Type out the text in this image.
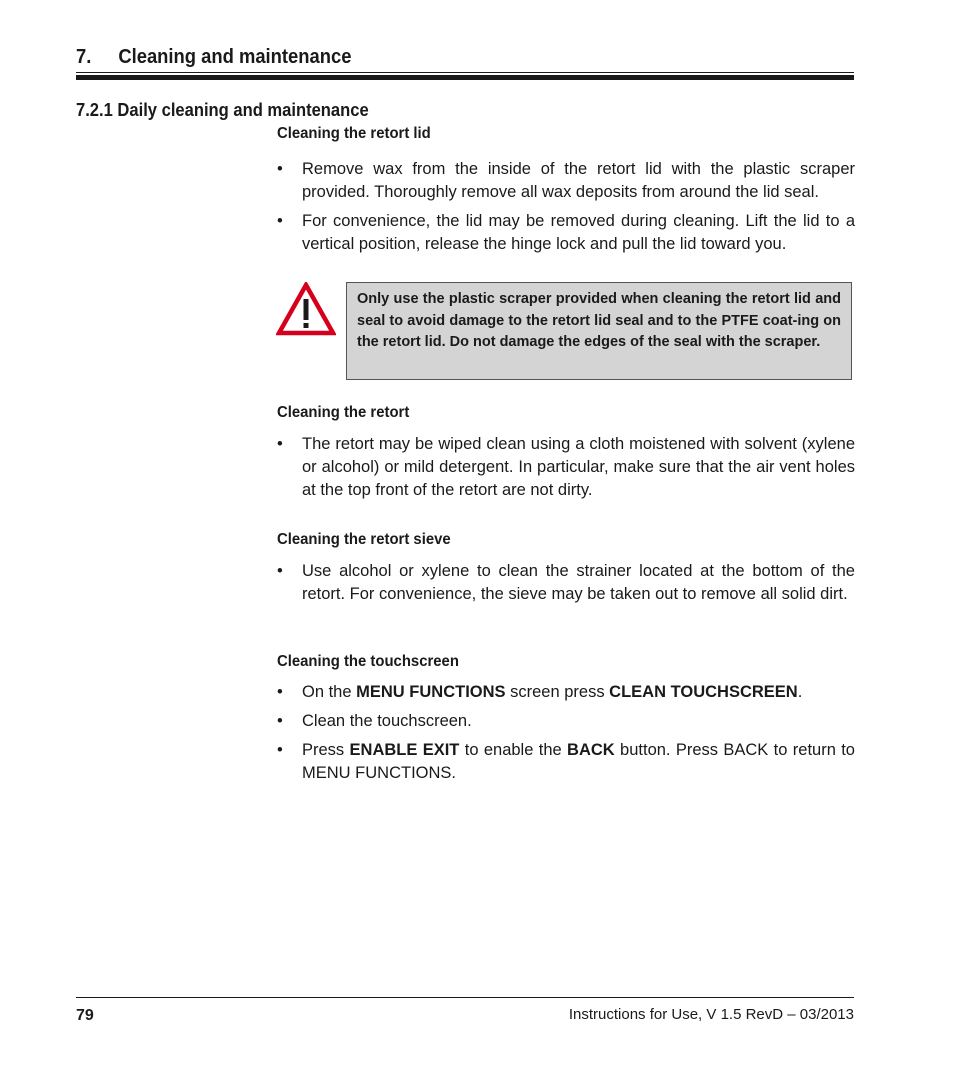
7. Cleaning and maintenance
7.2.1 Daily cleaning and maintenance
Cleaning the retort lid
• Remove wax from the inside of the retort lid with the plastic scraper provided. Thoroughly remove all wax deposits from around the lid seal.
• For convenience, the lid may be removed during cleaning. Lift the lid to a vertical position, release the hinge lock and pull the lid toward you.
Only use the plastic scraper provided when cleaning the retort lid and seal to avoid damage to the retort lid seal and to the PTFE coat-ing on the retort lid. Do not damage the edges of the seal with the scraper.
Cleaning the retort
• The retort may be wiped clean using a cloth moistened with solvent (xylene or alcohol) or mild detergent. In particular, make sure that the air vent holes at the top front of the retort are not dirty.
Cleaning the retort sieve
• Use alcohol or xylene to clean the strainer located at the bottom of the retort. For convenience, the sieve may be taken out to remove all solid dirt.
Cleaning the touchscreen
• On the MENU FUNCTIONS screen press CLEAN TOUCHSCREEN.
• Clean the touchscreen.
• Press ENABLE EXIT to enable the BACK button. Press BACK to return to MENU FUNCTIONS.
79	Instructions for Use, V 1.5 RevD – 03/2013
